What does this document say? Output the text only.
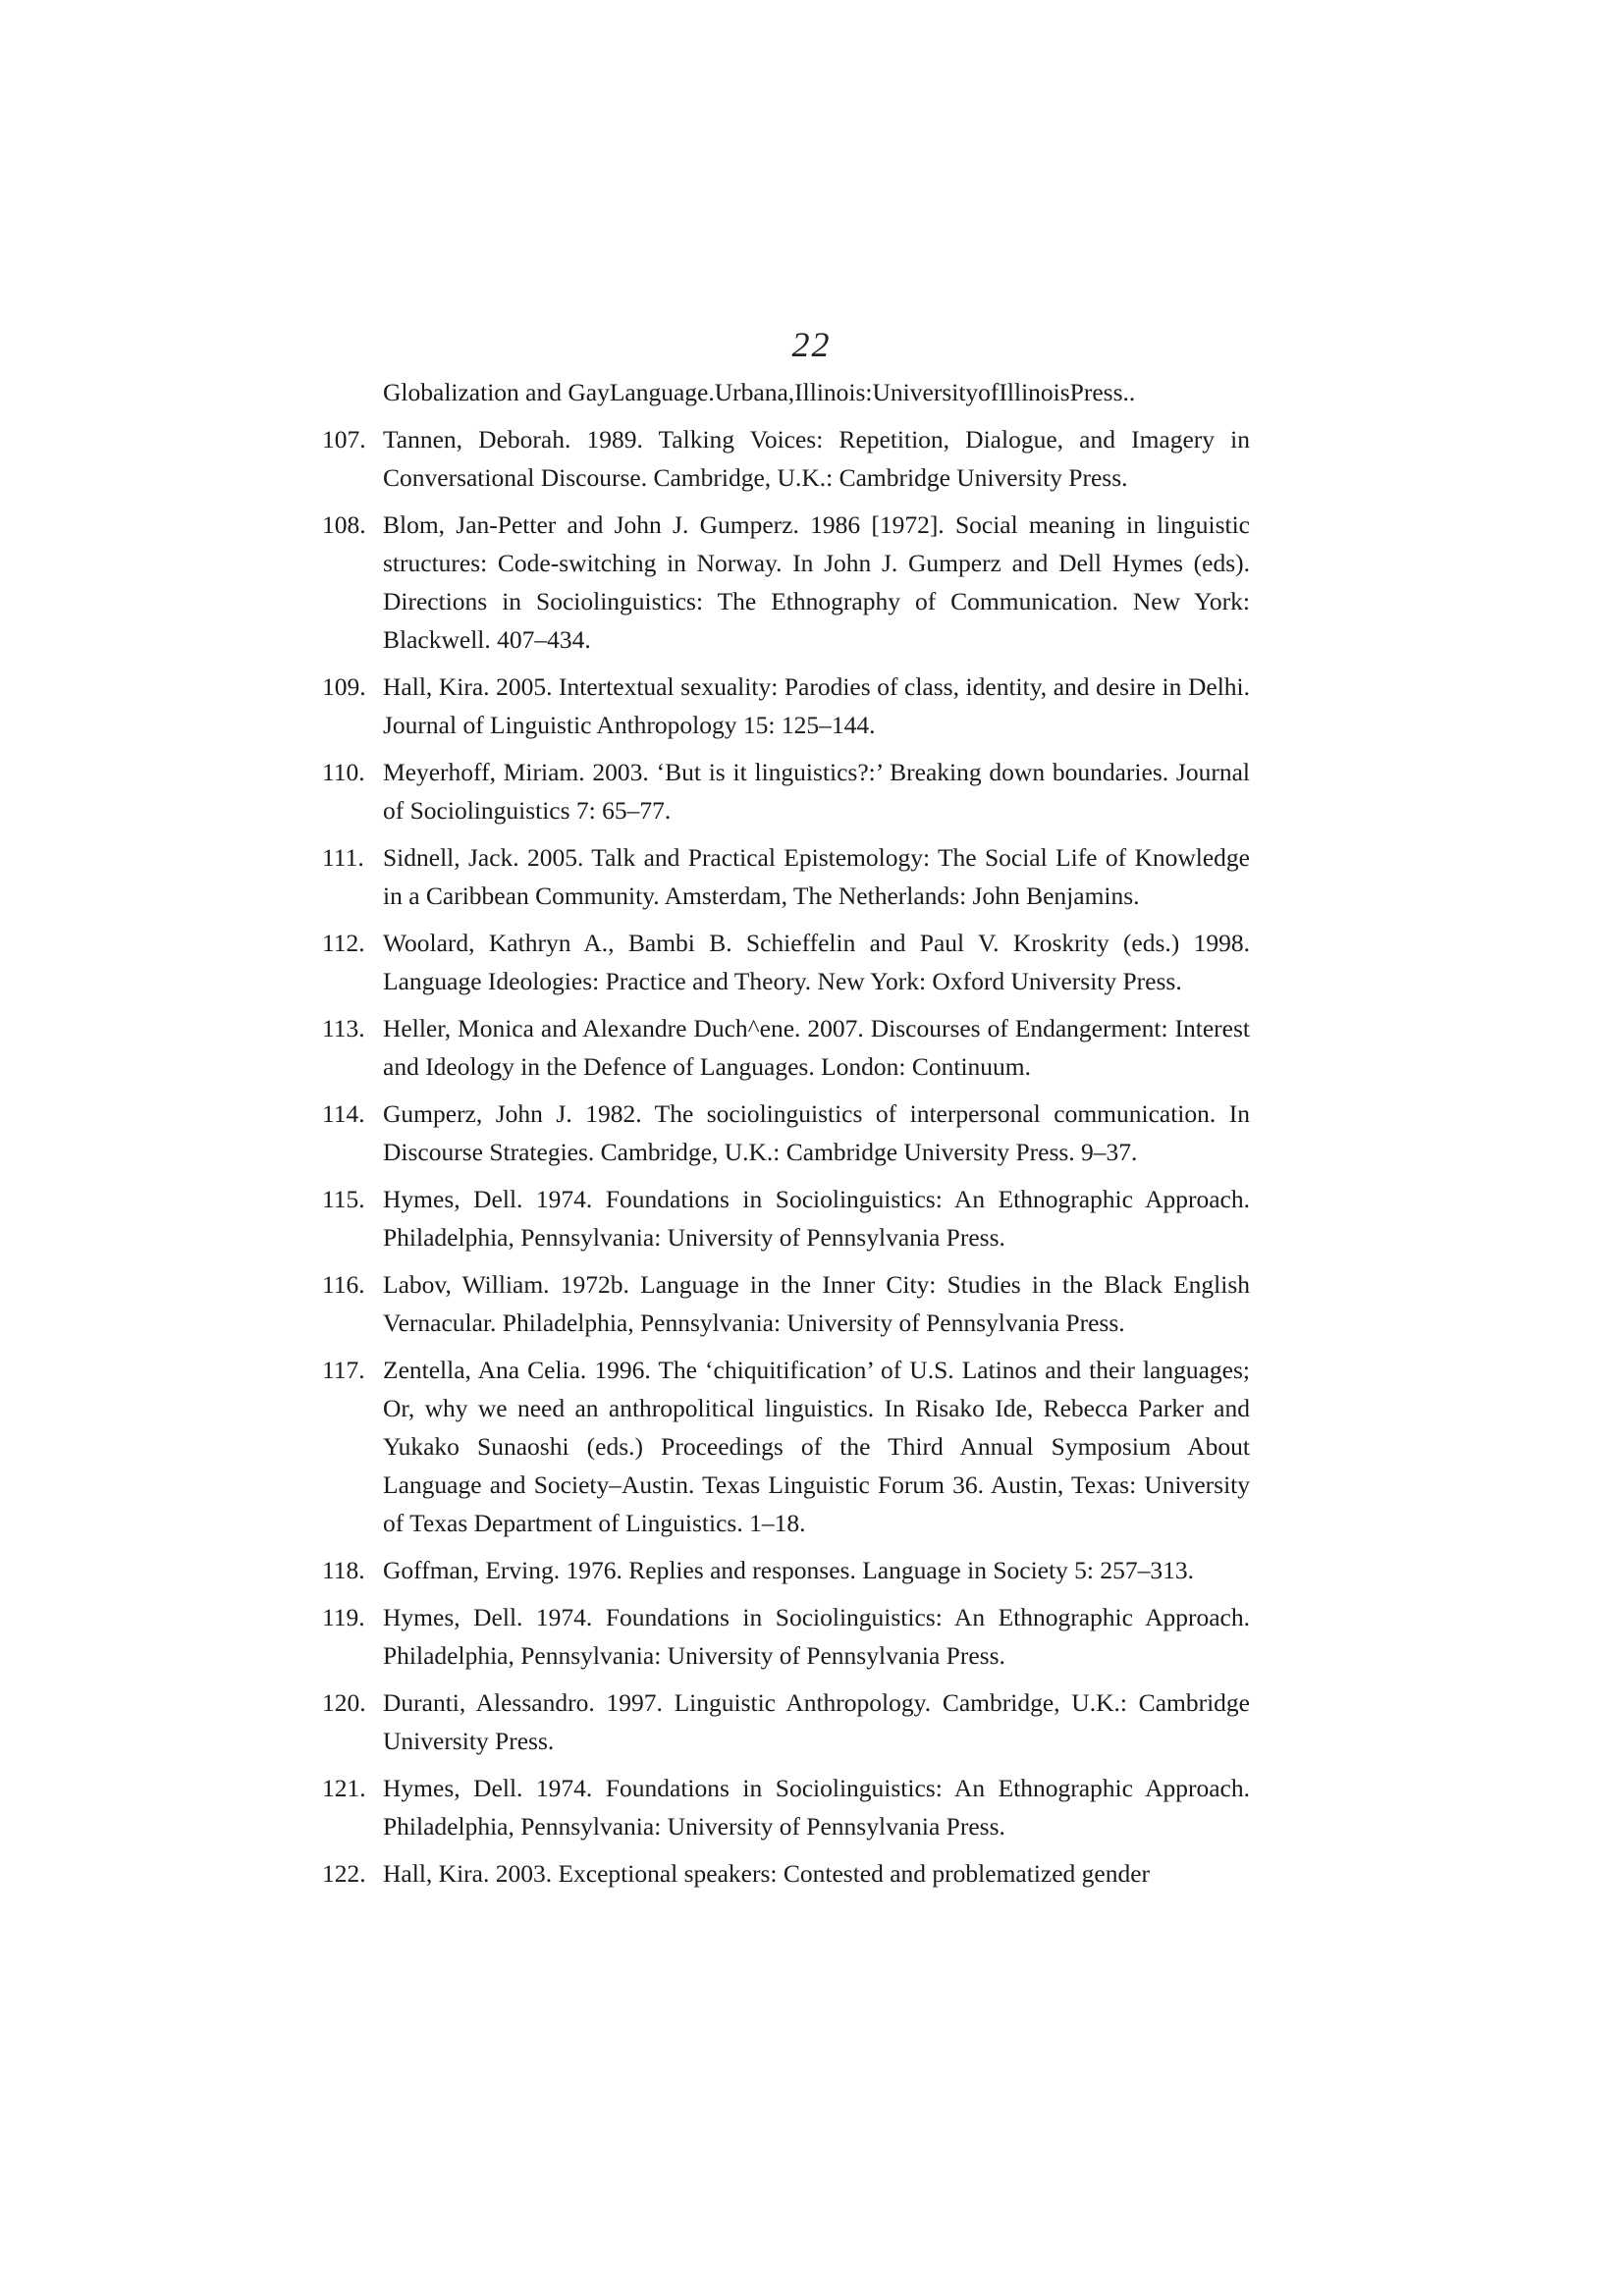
22
Globalization and GayLanguage.Urbana,Illinois:UniversityofIllinoisPress..
107. Tannen, Deborah. 1989. Talking Voices: Repetition, Dialogue, and Imagery in Conversational Discourse. Cambridge, U.K.: Cambridge University Press.
108. Blom, Jan-Petter and John J. Gumperz. 1986 [1972]. Social meaning in linguistic structures: Code-switching in Norway. In John J. Gumperz and Dell Hymes (eds). Directions in Sociolinguistics: The Ethnography of Communication. New York: Blackwell. 407–434.
109. Hall, Kira. 2005. Intertextual sexuality: Parodies of class, identity, and desire in Delhi. Journal of Linguistic Anthropology 15: 125–144.
110. Meyerhoff, Miriam. 2003. ‘But is it linguistics?:’ Breaking down boundaries. Journal of Sociolinguistics 7: 65–77.
111. Sidnell, Jack. 2005. Talk and Practical Epistemology: The Social Life of Knowledge in a Caribbean Community. Amsterdam, The Netherlands: John Benjamins.
112. Woolard, Kathryn A., Bambi B. Schieffelin and Paul V. Kroskrity (eds.) 1998. Language Ideologies: Practice and Theory. New York: Oxford University Press.
113. Heller, Monica and Alexandre Duch^ene. 2007. Discourses of Endangerment: Interest and Ideology in the Defence of Languages. London: Continuum.
114. Gumperz, John J. 1982. The sociolinguistics of interpersonal communication. In Discourse Strategies. Cambridge, U.K.: Cambridge University Press. 9–37.
115. Hymes, Dell. 1974. Foundations in Sociolinguistics: An Ethnographic Approach. Philadelphia, Pennsylvania: University of Pennsylvania Press.
116. Labov, William. 1972b. Language in the Inner City: Studies in the Black English Vernacular. Philadelphia, Pennsylvania: University of Pennsylvania Press.
117. Zentella, Ana Celia. 1996. The ‘chiquitification’ of U.S. Latinos and their languages; Or, why we need an anthropolitical linguistics. In Risako Ide, Rebecca Parker and Yukako Sunaoshi (eds.) Proceedings of the Third Annual Symposium About Language and Society–Austin. Texas Linguistic Forum 36. Austin, Texas: University of Texas Department of Linguistics. 1–18.
118. Goffman, Erving. 1976. Replies and responses. Language in Society 5: 257–313.
119. Hymes, Dell. 1974. Foundations in Sociolinguistics: An Ethnographic Approach. Philadelphia, Pennsylvania: University of Pennsylvania Press.
120. Duranti, Alessandro. 1997. Linguistic Anthropology. Cambridge, U.K.: Cambridge University Press.
121. Hymes, Dell. 1974. Foundations in Sociolinguistics: An Ethnographic Approach. Philadelphia, Pennsylvania: University of Pennsylvania Press.
122. Hall, Kira. 2003. Exceptional speakers: Contested and problematized gender
